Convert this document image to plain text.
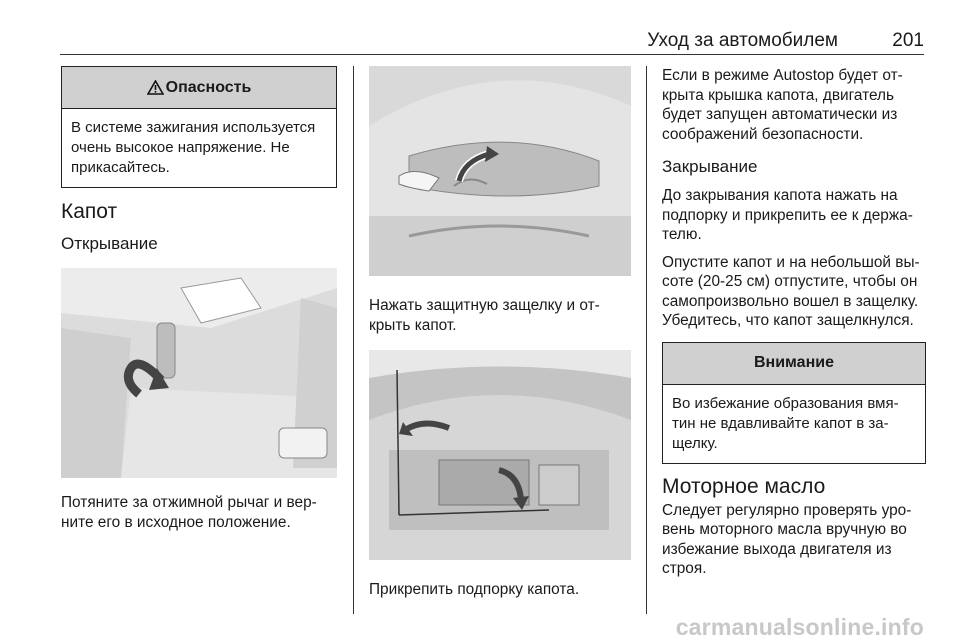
Уход за автомобилем	201
Опасность
В системе зажигания используется очень высокое напряжение. Не прикасайтесь.
Капот
Открывание

Потяните за отжимной рычаг и верните его в исходное положение.

Нажать защитную защелку и открыть капот.

Прикрепить подпорку капота.

Если в режиме Autostop будет открыта крышка капота, двигатель будет запущен автоматически из соображений безопасности.

Закрывание

До закрывания капота нажать на подпорку и прикрепить ее к держателю.

Опустите капот и на небольшой высоте (20-25 см) отпустите, чтобы он самопроизвольно вошел в защелку. Убедитесь, что капот защелкнулся.

Внимание
Во избежание образования вмятин не вдавливайте капот в защелку.
Моторное масло

Следует регулярно проверять уровень моторного масла вручную во избежание выхода двигателя из строя.

carmanualsonline.info
